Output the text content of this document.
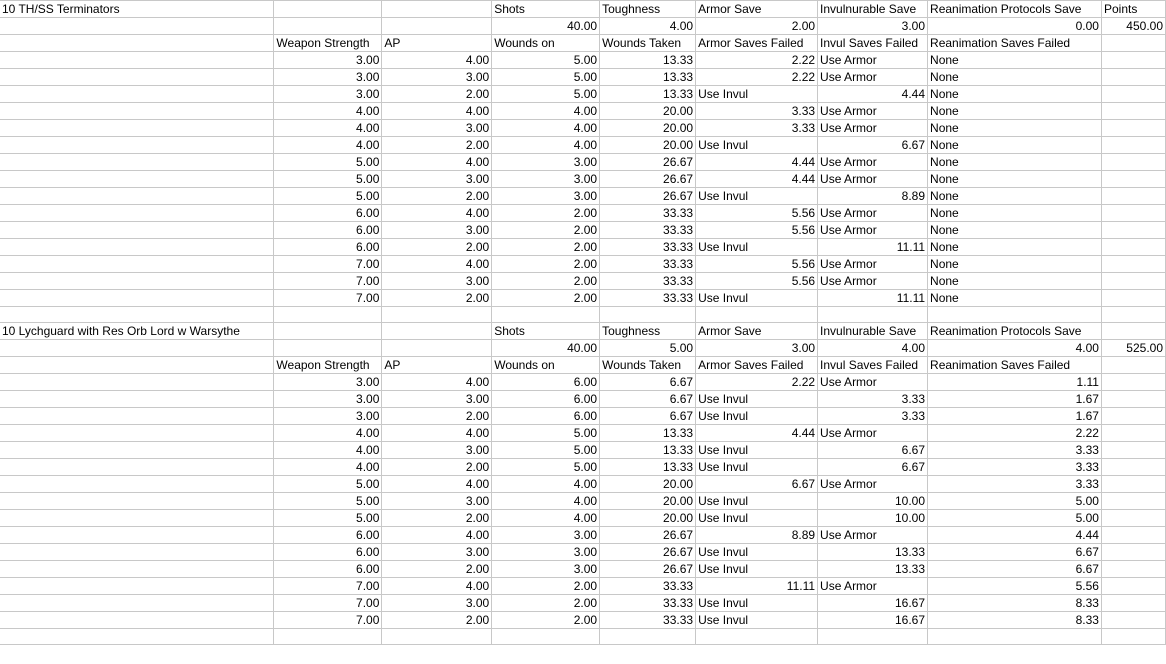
10 TH/SS Terminators			Shots	Toughness	Armor Save	Invulnurable Save	Reanimation Protocols Save	Points
			40.00	4.00	2.00	3.00	0.00	450.00
	Weapon Strength	AP	Wounds on	Wounds Taken	Armor Saves Failed	Invul Saves Failed	Reanimation Saves Failed	
	3.00	4.00	5.00	13.33	2.22	Use Armor	None	
	3.00	3.00	5.00	13.33	2.22	Use Armor	None	
	3.00	2.00	5.00	13.33	Use Invul	4.44	None	
	4.00	4.00	4.00	20.00	3.33	Use Armor	None	
	4.00	3.00	4.00	20.00	3.33	Use Armor	None	
	4.00	2.00	4.00	20.00	Use Invul	6.67	None	
	5.00	4.00	3.00	26.67	4.44	Use Armor	None	
	5.00	3.00	3.00	26.67	4.44	Use Armor	None	
	5.00	2.00	3.00	26.67	Use Invul	8.89	None	
	6.00	4.00	2.00	33.33	5.56	Use Armor	None	
	6.00	3.00	2.00	33.33	5.56	Use Armor	None	
	6.00	2.00	2.00	33.33	Use Invul	11.11	None	
	7.00	4.00	2.00	33.33	5.56	Use Armor	None	
	7.00	3.00	2.00	33.33	5.56	Use Armor	None	
	7.00	2.00	2.00	33.33	Use Invul	11.11	None	

10 Lychguard with Res Orb Lord w Warsythe			Shots	Toughness	Armor Save	Invulnurable Save	Reanimation Protocols Save	
			40.00	5.00	3.00	4.00	4.00	525.00
	Weapon Strength	AP	Wounds on	Wounds Taken	Armor Saves Failed	Invul Saves Failed	Reanimation Saves Failed	
	3.00	4.00	6.00	6.67	2.22	Use Armor	1.11	
	3.00	3.00	6.00	6.67	Use Invul	3.33	1.67	
	3.00	2.00	6.00	6.67	Use Invul	3.33	1.67	
	4.00	4.00	5.00	13.33	4.44	Use Armor	2.22	
	4.00	3.00	5.00	13.33	Use Invul	6.67	3.33	
	4.00	2.00	5.00	13.33	Use Invul	6.67	3.33	
	5.00	4.00	4.00	20.00	6.67	Use Armor	3.33	
	5.00	3.00	4.00	20.00	Use Invul	10.00	5.00	
	5.00	2.00	4.00	20.00	Use Invul	10.00	5.00	
	6.00	4.00	3.00	26.67	8.89	Use Armor	4.44	
	6.00	3.00	3.00	26.67	Use Invul	13.33	6.67	
	6.00	2.00	3.00	26.67	Use Invul	13.33	6.67	
	7.00	4.00	2.00	33.33	11.11	Use Armor	5.56	
	7.00	3.00	2.00	33.33	Use Invul	16.67	8.33	
	7.00	2.00	2.00	33.33	Use Invul	16.67	8.33	
